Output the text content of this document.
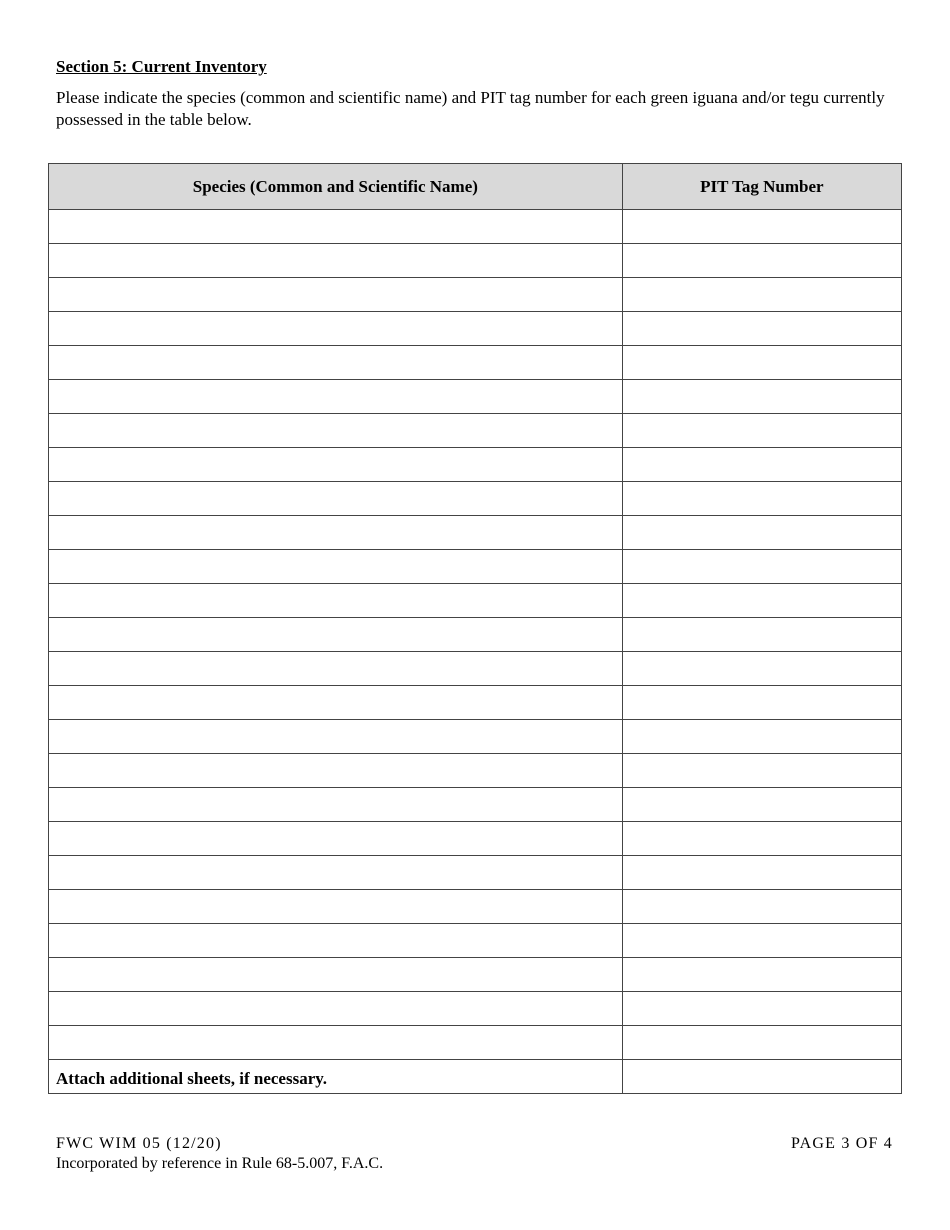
Section 5: Current Inventory

Please indicate the species (common and scientific name) and PIT tag number for each green iguana and/or tegu currently possessed in the table below.

Species (Common and Scientific Name)	PIT Tag Number

Attach additional sheets, if necessary.

FWC WIM 05 (12/20)

Incorporated by reference in Rule 68-5.007, F.A.C.

PAGE 3 OF 4
